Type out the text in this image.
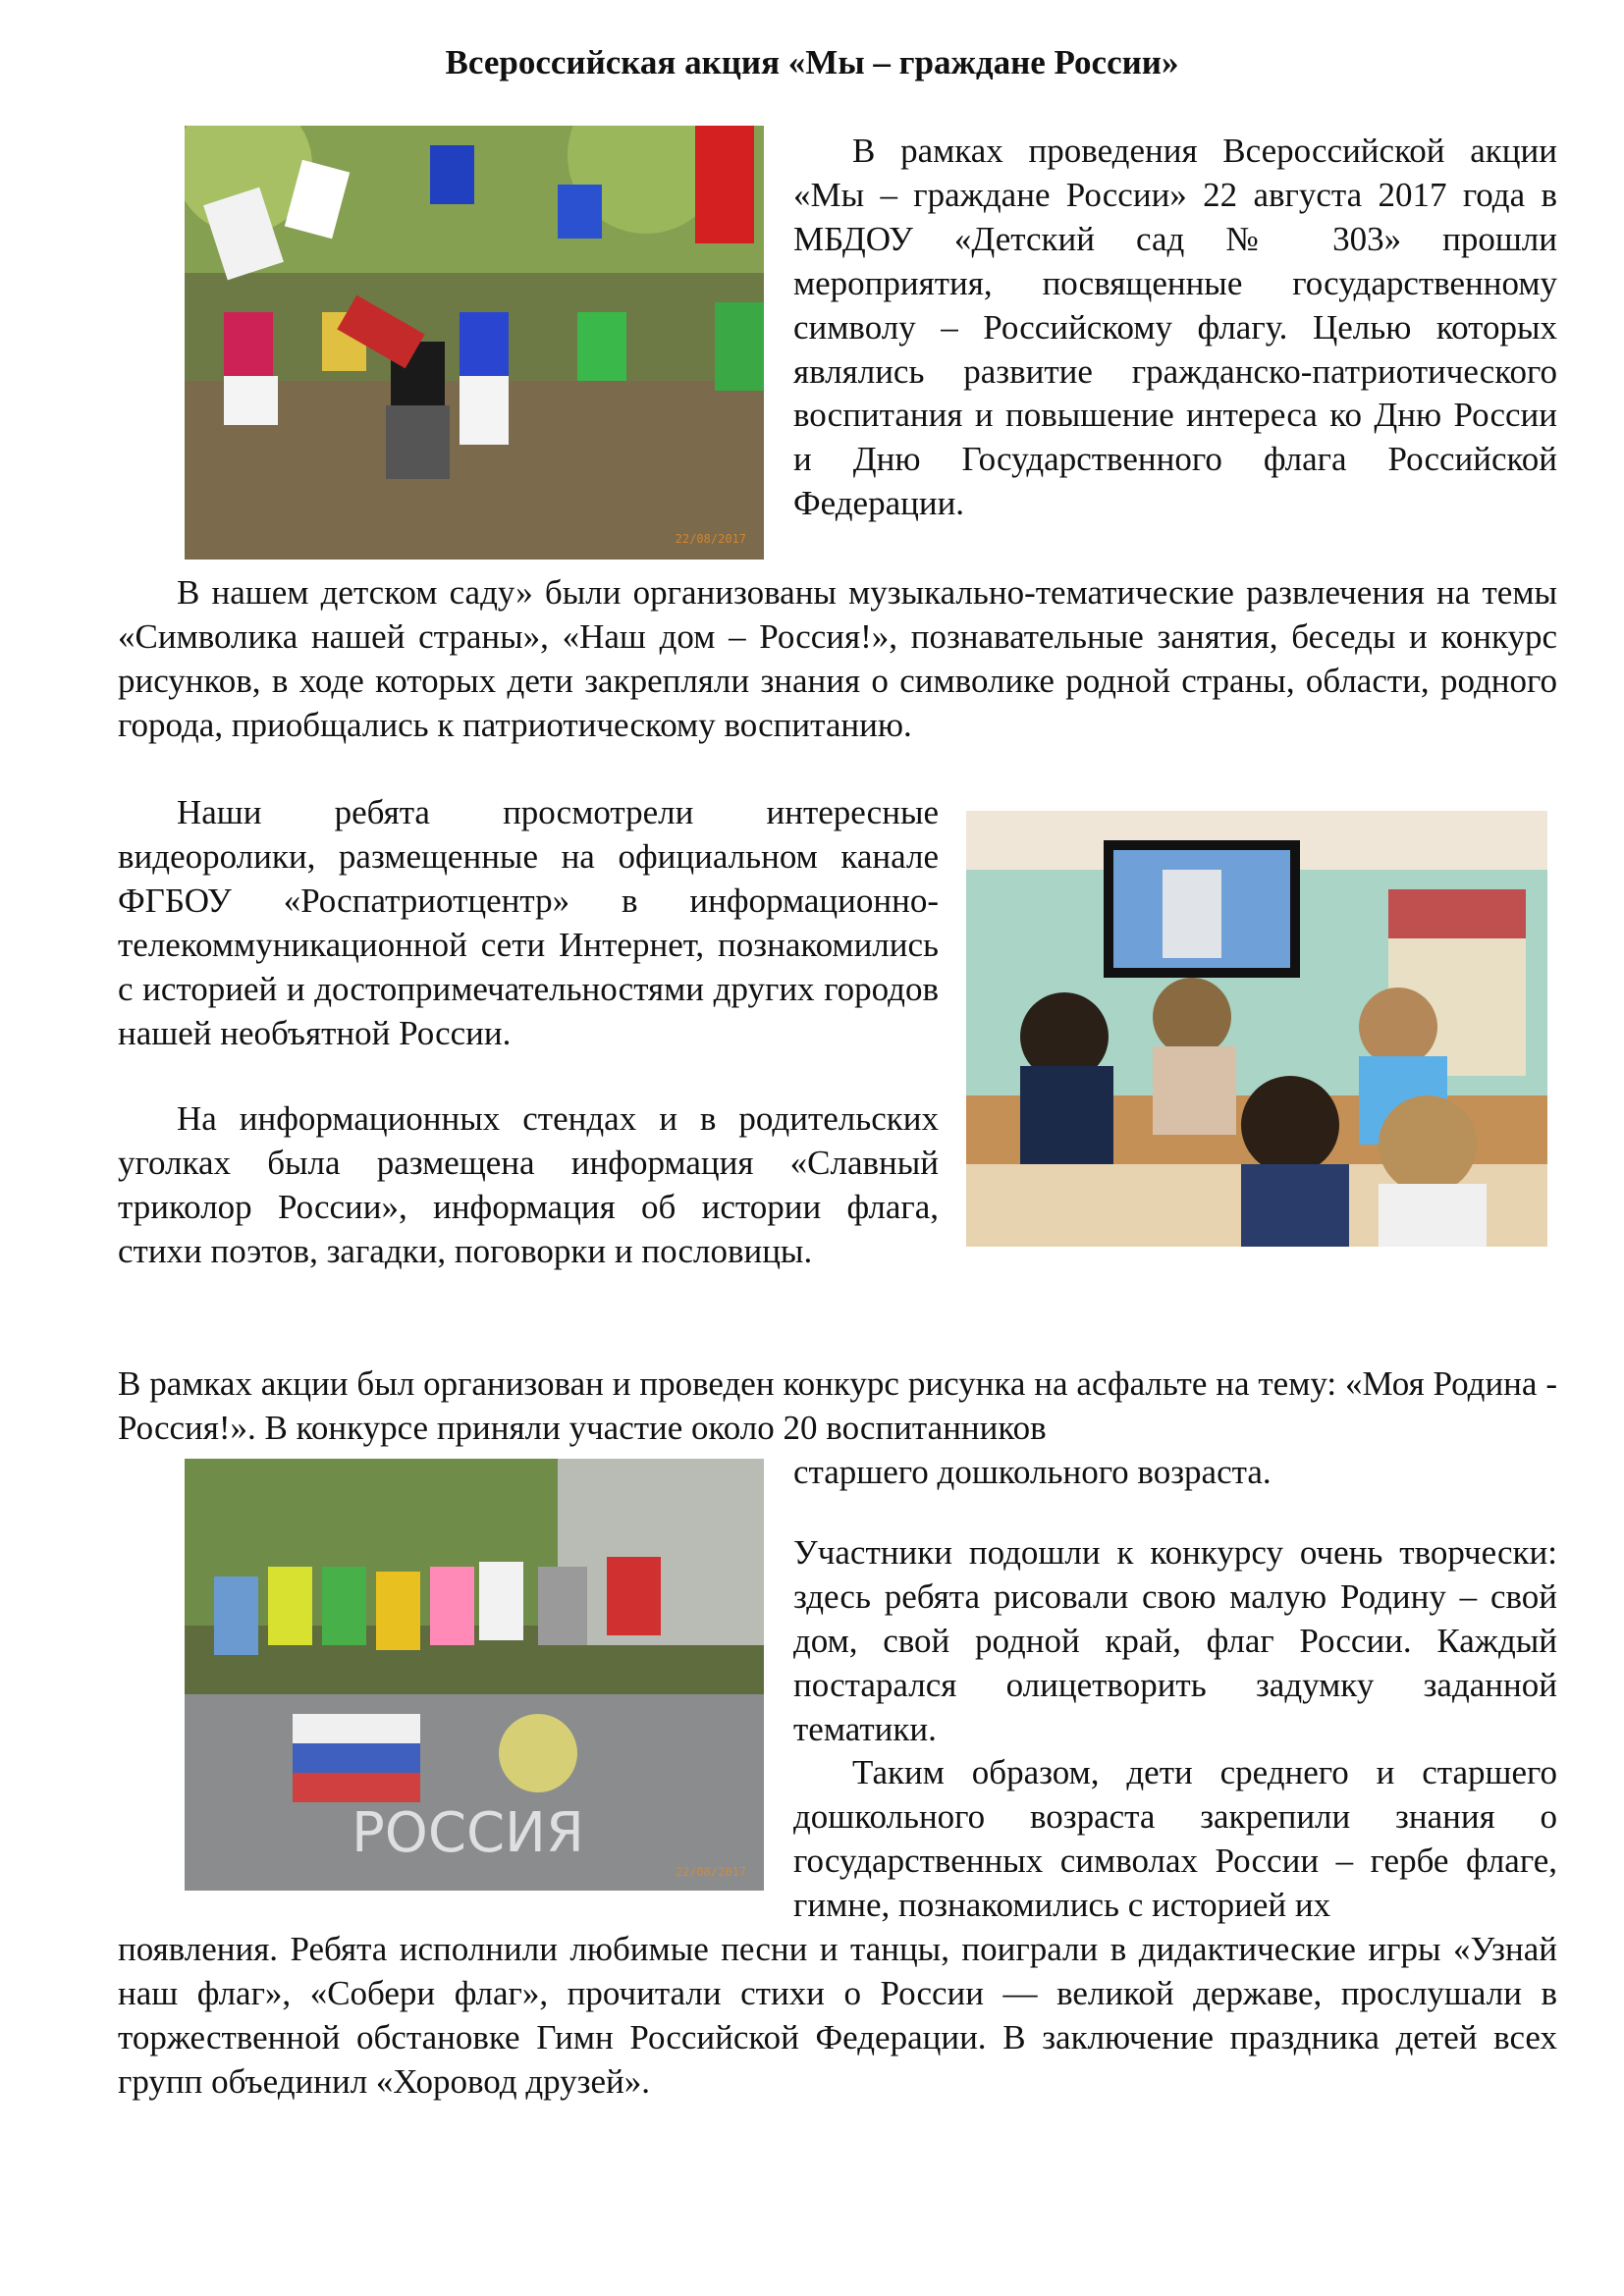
Всероссийская акция «Мы – граждане России»
22/08/2017

В рамках проведения Всероссийской акции «Мы – граждане России» 22 августа 2017 года в МБДОУ «Детский сад № 303» прошли мероприятия, посвященные государственному символу – Российскому флагу. Целью которых являлись развитие гражданско-патриотического воспитания и повышение интереса ко Дню России и Дню Государственного флага Российской Федерации.

В нашем детском саду» были организованы музыкально-тематические развлечения на темы «Символика нашей страны», «Наш дом – Россия!», познавательные занятия, беседы и конкурс рисунков, в ходе которых дети закрепляли знания о символике родной страны, области, родного города, приобщались к патриотическому воспитанию.

Наши ребята просмотрели интересные видеоролики, размещенные на официальном канале ФГБОУ «Роспатриотцентр» в информационно-телекоммуникационной сети Интернет, познакомились с историей и достопримечательностями других городов нашей необъятной России.

На информационных стендах и в родительских уголках была размещена информация «Славный триколор России», информация об истории флага, стихи поэтов, загадки, поговорки и пословицы.

В рамках акции был организован и проведен конкурс рисунка на асфальте на тему: «Моя Родина - Россия!». В конкурсе приняли участие около 20 воспитанников

старшего дошкольного возраста.

РОССИЯ
22/08/2017

Участники подошли к конкурсу очень творчески: здесь ребята рисовали свою малую Родину – свой дом, свой родной край, флаг России. Каждый постарался олицетворить задумку заданной тематики.

Таким образом, дети среднего и старшего дошкольного возраста закрепили знания о государственных символах России – гербе флаге, гимне, познакомились с историей их

появления. Ребята исполнили любимые песни и танцы, поиграли в дидактические игры «Узнай наш флаг», «Собери флаг», прочитали стихи о России — великой державе, прослушали в торжественной обстановке Гимн Российской Федерации. В заключение праздника детей всех групп объединил «Хоровод друзей».
